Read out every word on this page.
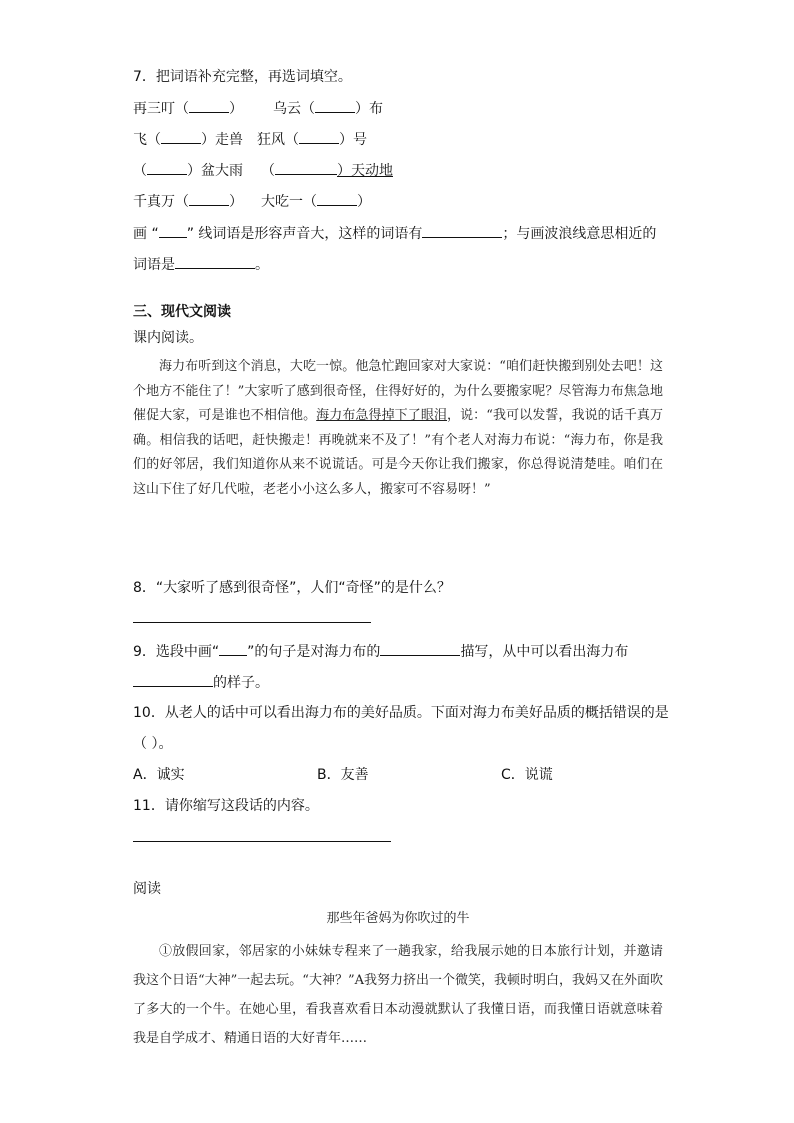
7．把词语补充完整，再选词填空。
再三叮（	） 乌云（	）布
飞（	）走兽 狂风（	）号
（	）盆大雨 （	）天动地
千真万（	） 大吃一（	）
画 “ ” 线词语是形容声音大，这样的词语有	；与画波浪线意思相近的
词语是	。
三、现代文阅读
课内阅读。
海力布听到这个消息，大吃一惊。他急忙跑回家对大家说：“咱们赶快搬到别处去吧！这个地方不能住了！”大家听了感到很奇怪，住得好好的，为什么要搬家呢？尽管海力布焦急地催促大家，可是谁也不相信他。海力布急得掉下了眼泪，说：“我可以发誓，我说的话千真万确。相信我的话吧，赶快搬走！再晚就来不及了！”有个老人对海力布说：“海力布，你是我们的好邻居，我们知道你从来不说谎话。可是今天你让我们搬家，你总得说清楚哇。咱们在这山下住了好几代啦，老老小小这么多人，搬家可不容易呀！”
8．“大家听了感到很奇怪”，人们“奇怪”的是什么？
9．选段中画“ ”的句子是对海力布的	描写，从中可以看出海力布
的样子。
10．从老人的话中可以看出海力布的美好品质。下面对海力布美好品质的概括错误的是
（ ）。
A．诚实	B．友善	C．说谎
11．请你缩写这段话的内容。
阅读
那些年爸妈为你吹过的牛
①放假回家，邻居家的小妹妹专程来了一趟我家，给我展示她的日本旅行计划，并邀请我这个日语“大神”一起去玩。“大神？”A我努力挤出一个微笑，我顿时明白，我妈又在外面吹了多大的一个牛。在她心里，看我喜欢看日本动漫就默认了我懂日语，而我懂日语就意味着我是自学成才、精通日语的大好青年……
